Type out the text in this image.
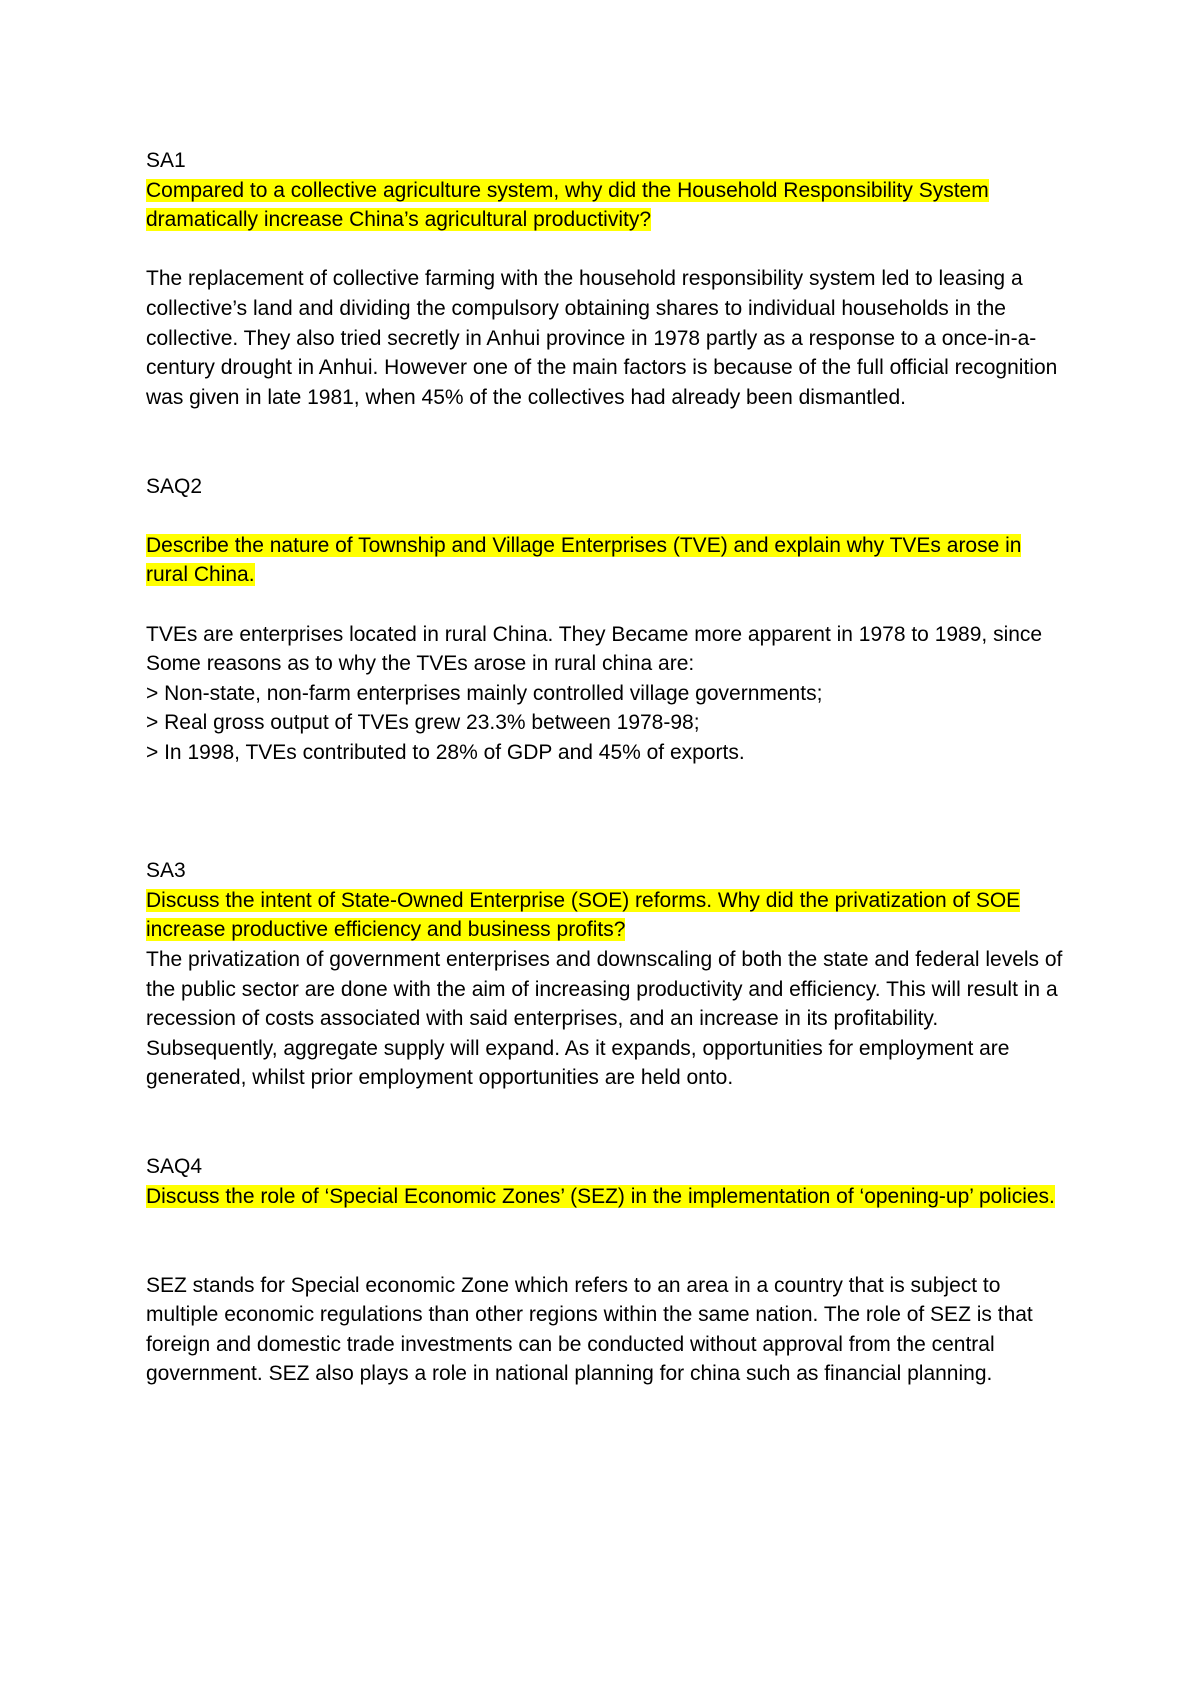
SA1
Compared to a collective agriculture system, why did the Household Responsibility System dramatically increase China’s agricultural productivity?
The replacement of collective farming with the household responsibility system led to leasing a collective’s land and dividing the compulsory obtaining shares to individual households in the collective. They also tried secretly in Anhui province in 1978 partly as a response to a once-in-a-century drought in Anhui. However one of the main factors is because of the full official recognition was given in late 1981, when 45% of the collectives had already been dismantled.
SAQ2
Describe the nature of Township and Village Enterprises (TVE) and explain why TVEs arose in rural China.
TVEs are enterprises located in rural China. They Became more apparent in 1978 to 1989, since
Some reasons as to why the TVEs arose in rural china are:
> Non-state, non-farm enterprises mainly controlled village governments;
> Real gross output of TVEs grew 23.3% between 1978-98;
> In 1998, TVEs contributed to 28% of GDP and 45% of exports.
SA3
Discuss the intent of State-Owned Enterprise (SOE) reforms. Why did the privatization of SOE increase productive efficiency and business profits?
The privatization of government enterprises and downscaling of both the state and federal levels of the public sector are done with the aim of increasing productivity and efficiency. This will result in a recession of costs associated with said enterprises, and an increase in its profitability.
Subsequently, aggregate supply will expand. As it expands, opportunities for employment are generated, whilst prior employment opportunities are held onto.
SAQ4
Discuss the role of ‘Special Economic Zones’ (SEZ) in the implementation of ‘opening-up’ policies.
SEZ stands for Special economic Zone which refers to an area in a country that is subject to multiple economic regulations than other regions within the same nation. The role of SEZ is that foreign and domestic trade investments can be conducted without approval from the central government. SEZ also plays a role in national planning for china such as financial planning.
